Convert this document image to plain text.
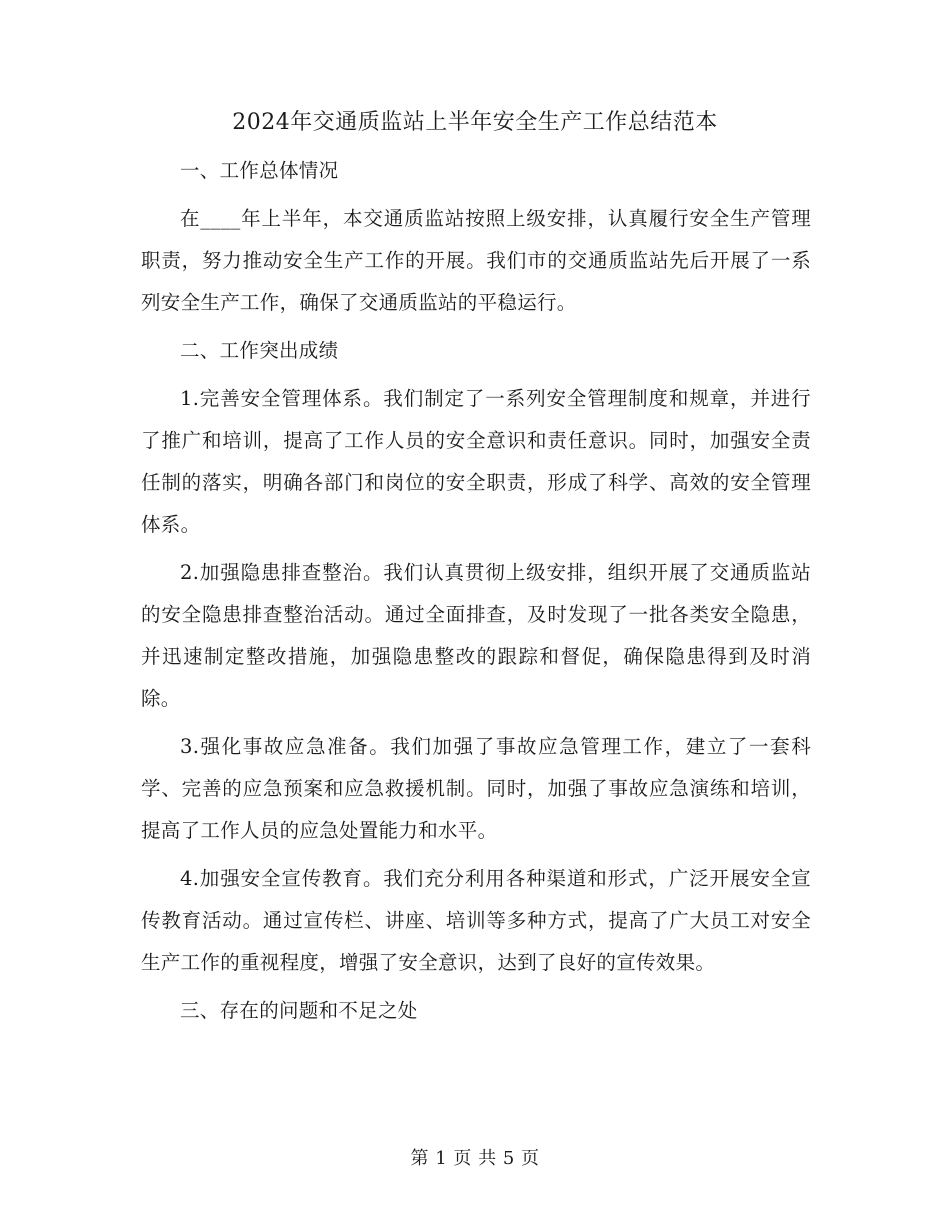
2024年交通质监站上半年安全生产工作总结范本

一、工作总体情况

在____年上半年，本交通质监站按照上级安排，认真履行安全生产管理职责，努力推动安全生产工作的开展。我们市的交通质监站先后开展了一系列安全生产工作，确保了交通质监站的平稳运行。

二、工作突出成绩

1.完善安全管理体系。我们制定了一系列安全管理制度和规章，并进行了推广和培训，提高了工作人员的安全意识和责任意识。同时，加强安全责任制的落实，明确各部门和岗位的安全职责，形成了科学、高效的安全管理体系。

2.加强隐患排查整治。我们认真贯彻上级安排，组织开展了交通质监站的安全隐患排查整治活动。通过全面排查，及时发现了一批各类安全隐患，并迅速制定整改措施，加强隐患整改的跟踪和督促，确保隐患得到及时消除。

3.强化事故应急准备。我们加强了事故应急管理工作，建立了一套科学、完善的应急预案和应急救援机制。同时，加强了事故应急演练和培训，提高了工作人员的应急处置能力和水平。

4.加强安全宣传教育。我们充分利用各种渠道和形式，广泛开展安全宣传教育活动。通过宣传栏、讲座、培训等多种方式，提高了广大员工对安全生产工作的重视程度，增强了安全意识，达到了良好的宣传效果。

三、存在的问题和不足之处

第 1 页 共 5 页
